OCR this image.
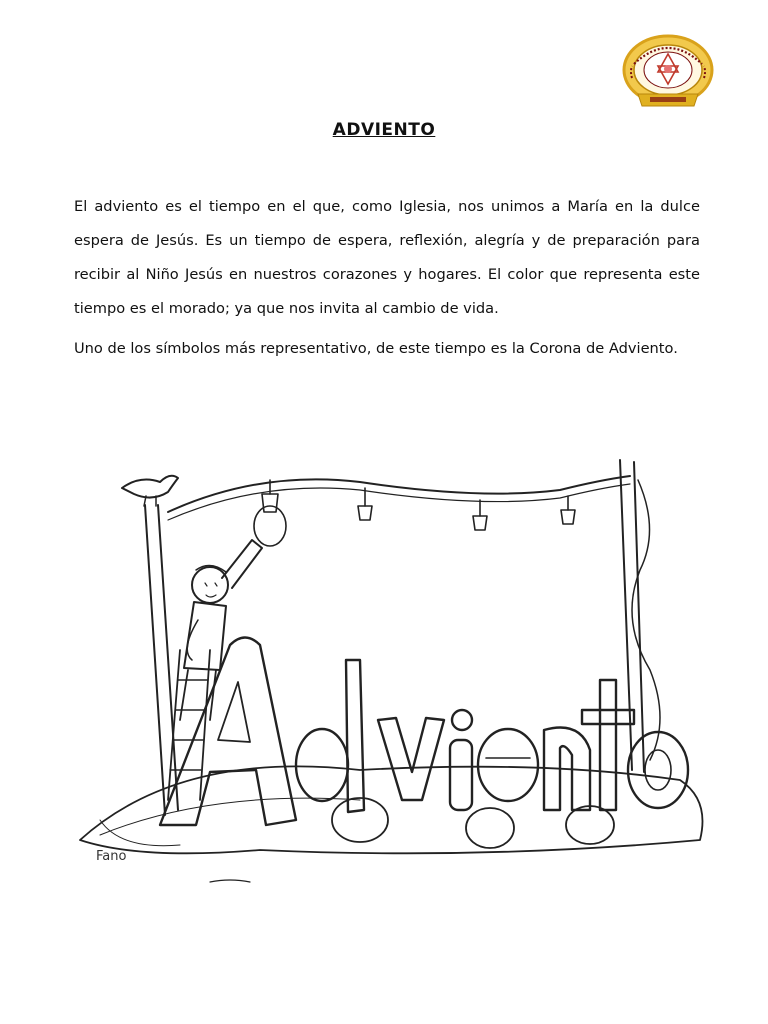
ADVIENTO

El adviento es el tiempo en el que, como Iglesia, nos unimos a María en la dulce espera de Jesús. Es un tiempo de espera, reflexión, alegría y de preparación para recibir al Niño Jesús en nuestros corazones y hogares. El color que representa este tiempo es el morado; ya que nos invita al cambio de vida.

Uno de los símbolos más representativo, de este tiempo es la Corona de Adviento.

Fano
